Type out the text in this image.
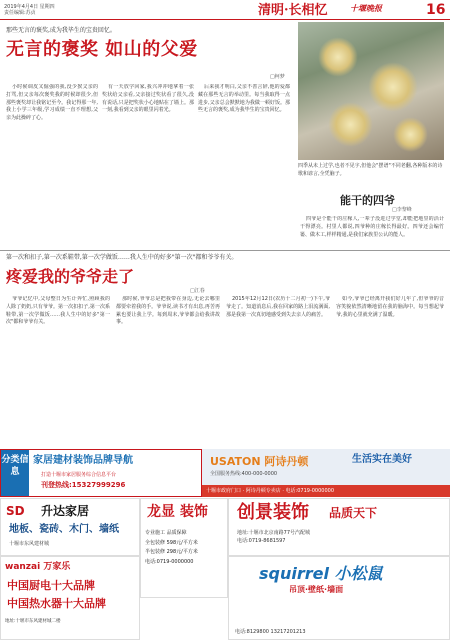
2019年4月4日 星期四
责任编辑:苏贞	清明·长相忆	十堰晚报	16
那些无言的褒奖,成为我毕生的宝贵回忆。
无言的褒奖 如山的父爱
□柯梦

小时候调皮又倔强的我,没少挨父亲的打骂,但父亲每次褒奖我的时候却很少,但那些褒奖却让我铭记至今。我记得那一年,我上小学三年级,学习成绩一直不理想,父亲为此操碎了心。

有一天放学回家,我兴冲冲地拿着一张奖状给父亲看,父亲接过奖状看了很久,没有说话,只是把奖状小心地贴在了墙上。那一刻,我看到父亲的眼里闪着光。

后来我才明白,父亲不善言辞,他的爱都藏在那些无言的举动里。每当我取得一点进步,父亲总会默默地为我做一顿好饭。那些无言的褒奖,成为我毕生的宝贵回忆。

四季从未上过学,也者不见字,但他会"摆谱"不同老翻,各种版本的诗歌和谚言,全凭脑子。
能干的四爷
□李黎峰

四爷是个能干的庄稼人,一辈子没进过学堂,却能把地里的活计干得漂亮。村里人都说,四爷种的庄稼长得最好。四爷还会编竹篓、做木工,样样精通,是我们家族里公认的能人。

第一次和扣子,第一次系鞋带,第一次学做饭……我人生中的好多"第一次"都和爷爷有关。
疼爱我的爷爷走了
□江春

爷爷记忆中,父母整日为生计奔忙,照顾我的人除了奶奶,只有爷爷。第一次扣扣子,第一次系鞋带,第一次学做饭……我人生中的好多"第一次"都和爷爷有关。

那时候,爷爷总是把我带在身边,无论去哪里都要牵着我的手。爷爷说,读书才有出息,再苦再累也要让我上学。每到周末,爷爷都会给我讲故事。

2015年12月12日(农历十二月初一)下午,爷爷走了。知道消息后,我在回家的路上泪流满面,那是我第一次真切地感受到失去亲人的痛苦。

如今,爷爷已经离开我们好几年了,但爷爷的音容笑貌依然清晰地留在我的脑海中。每当想起爷爷,我的心里就充满了温暖。

分类信息
家居建材装饰品牌导航
打造十堰市家居服务综合信息平台
刊登热线:15327999296
USATON 阿诗丹顿
全国服务热线:400-000-0000
生活实在美好
十堰市政府门口 · 阿诗丹顿专卖店 · 电话:0719-0000000
SD 升达家居
地板、瓷砖、木门、墙纸
十堰市东风建材城
龙显 装饰
专业施工 品质保障
全包装修 598元/平方米
半包装修 298元/平方米
电话:0719-0000000
创景装饰 品质天下
地址:十堰市北京南路77号汽配城
电话:0719-8681597
wanzai 万家乐
中国厨电十大品牌
中国热水器十大品牌
地址:十堰市东风建材城二楼
squirrel 小松鼠
吊顶·壁纸·墙面
电话:8129800 13217201213
